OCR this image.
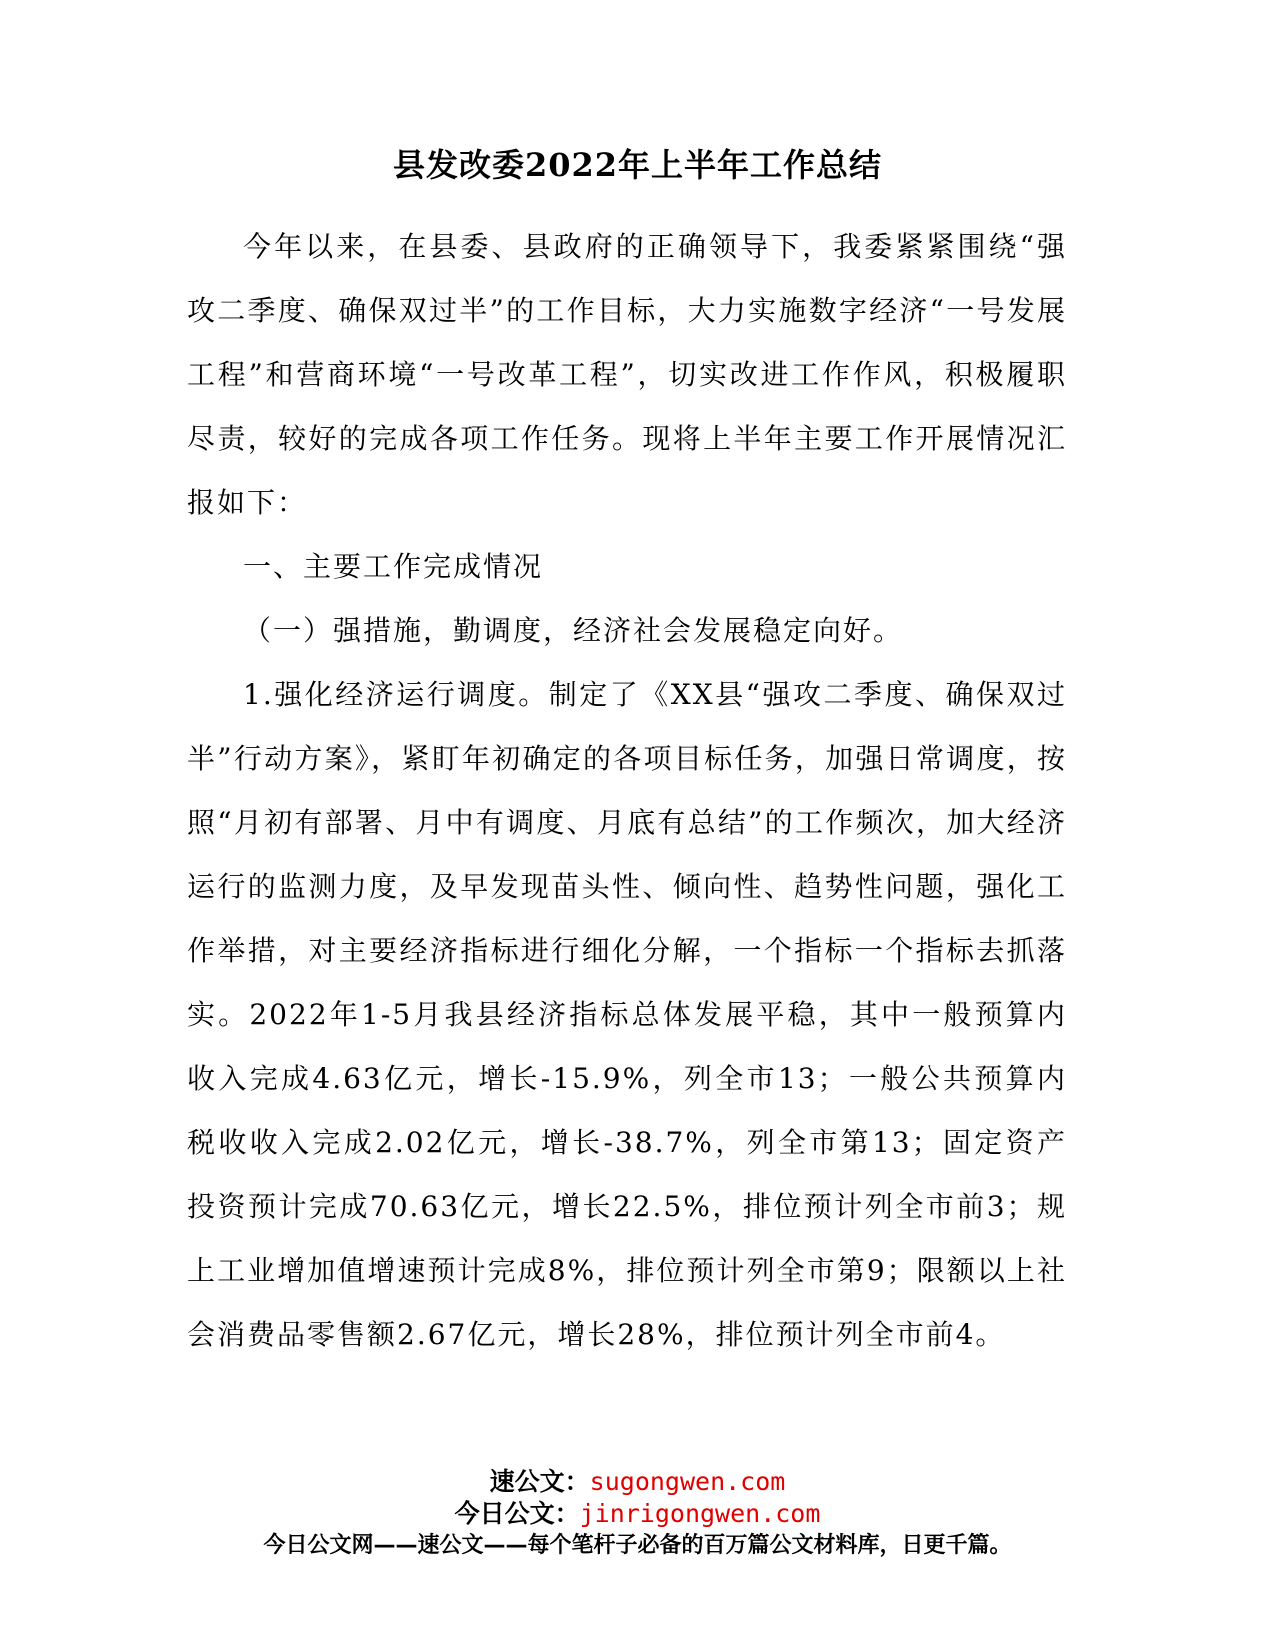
县发改委2022年上半年工作总结

今年以来，在县委、县政府的正确领导下，我委紧紧围绕“强攻二季度、确保双过半”的工作目标，大力实施数字经济“一号发展工程”和营商环境“一号改革工程”，切实改进工作作风，积极履职尽责，较好的完成各项工作任务。现将上半年主要工作开展情况汇报如下：

一、主要工作完成情况

（一）强措施，勤调度，经济社会发展稳定向好。

1.强化经济运行调度。制定了《XX县“强攻二季度、确保双过半”行动方案》，紧盯年初确定的各项目标任务，加强日常调度，按照“月初有部署、月中有调度、月底有总结”的工作频次，加大经济运行的监测力度，及早发现苗头性、倾向性、趋势性问题，强化工作举措，对主要经济指标进行细化分解，一个指标一个指标去抓落实。2022年1-5月我县经济指标总体发展平稳，其中一般预算内收入完成4.63亿元，增长-15.9%，列全市13；一般公共预算内税收收入完成2.02亿元，增长-38.7%，列全市第13；固定资产投资预计完成70.63亿元，增长22.5%，排位预计列全市前3；规上工业增加值增速预计完成8%，排位预计列全市第9；限额以上社会消费品零售额2.67亿元，增长28%，排位预计列全市前4。

速公文：sugongwen.com
今日公文：jinrigongwen.com
今日公文网——速公文——每个笔杆子必备的百万篇公文材料库，日更千篇。
